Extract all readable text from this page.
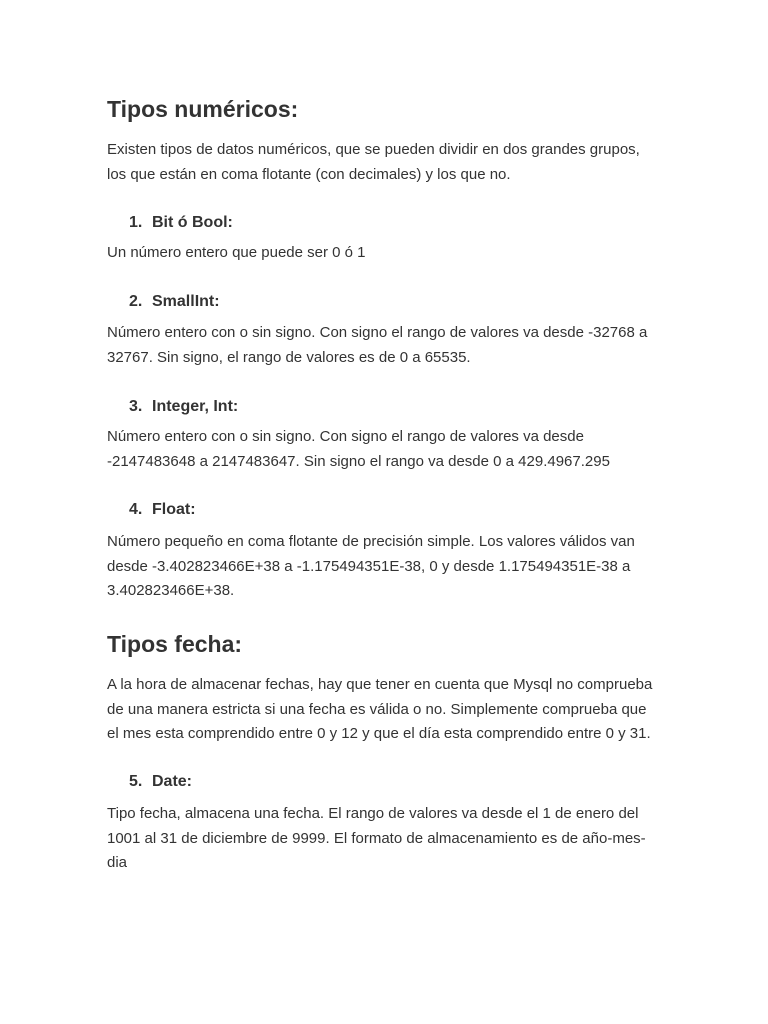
Tipos numéricos:

Existen tipos de datos numéricos, que se pueden dividir en dos grandes grupos,
los que están en coma flotante (con decimales) y los que no.

1. Bit ó Bool:

Un número entero que puede ser 0 ó 1

2. SmallInt:

Número entero con o sin signo. Con signo el rango de valores va desde -32768 a
32767. Sin signo, el rango de valores es de 0 a 65535.

3. Integer, Int:

Número entero con o sin signo. Con signo el rango de valores va desde
-2147483648 a 2147483647. Sin signo el rango va desde 0 a 429.4967.295

4. Float:

Número pequeño en coma flotante de precisión simple. Los valores válidos van
desde -3.402823466E+38 a -1.175494351E-38, 0 y desde 1.175494351E-38 a
3.402823466E+38.

Tipos fecha:

A la hora de almacenar fechas, hay que tener en cuenta que Mysql no comprueba
de una manera estricta si una fecha es válida o no. Simplemente comprueba que
el mes esta comprendido entre 0 y 12 y que el día esta comprendido entre 0 y 31.

5. Date:

Tipo fecha, almacena una fecha. El rango de valores va desde el 1 de enero del
1001 al 31 de diciembre de 9999. El formato de almacenamiento es de año-mes-
dia
